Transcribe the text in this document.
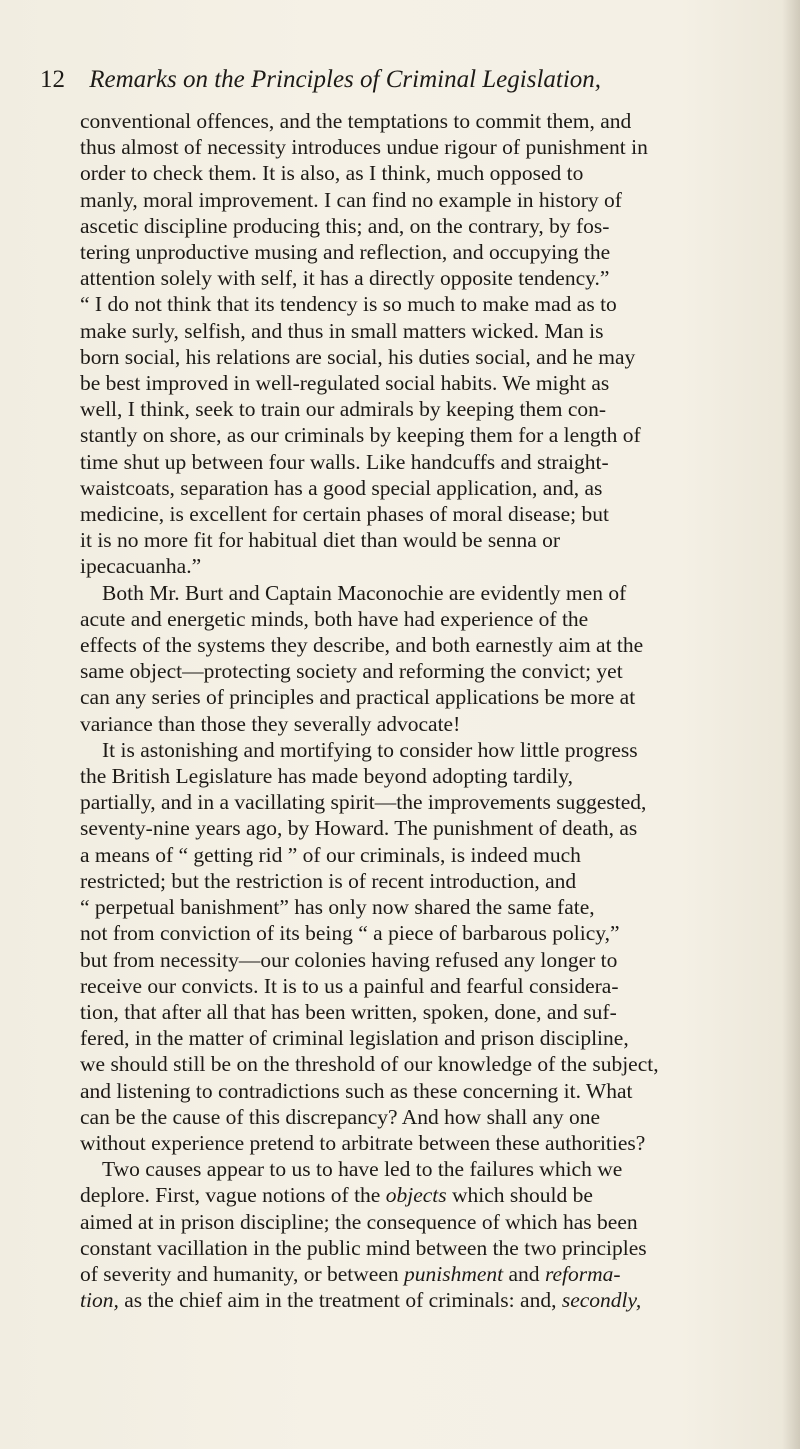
12 Remarks on the Principles of Criminal Legislation,

conventional offences, and the temptations to commit them, and
thus almost of necessity introduces undue rigour of punishment in
order to check them. It is also, as I think, much opposed to
manly, moral improvement. I can find no example in history of
ascetic discipline producing this; and, on the contrary, by fos-
tering unproductive musing and reflection, and occupying the
attention solely with self, it has a directly opposite tendency.”
“ I do not think that its tendency is so much to make mad as to
make surly, selfish, and thus in small matters wicked. Man is
born social, his relations are social, his duties social, and he may
be best improved in well-regulated social habits. We might as
well, I think, seek to train our admirals by keeping them con-
stantly on shore, as our criminals by keeping them for a length of
time shut up between four walls. Like handcuffs and straight-
waistcoats, separation has a good special application, and, as
medicine, is excellent for certain phases of moral disease; but
it is no more fit for habitual diet than would be senna or
ipecacuanha.”
Both Mr. Burt and Captain Maconochie are evidently men of
acute and energetic minds, both have had experience of the
effects of the systems they describe, and both earnestly aim at the
same object—protecting society and reforming the convict; yet
can any series of principles and practical applications be more at
variance than those they severally advocate!
It is astonishing and mortifying to consider how little progress
the British Legislature has made beyond adopting tardily,
partially, and in a vacillating spirit—the improvements suggested,
seventy-nine years ago, by Howard. The punishment of death, as
a means of “ getting rid ” of our criminals, is indeed much
restricted; but the restriction is of recent introduction, and
“ perpetual banishment” has only now shared the same fate,
not from conviction of its being “ a piece of barbarous policy,”
but from necessity—our colonies having refused any longer to
receive our convicts. It is to us a painful and fearful considera-
tion, that after all that has been written, spoken, done, and suf-
fered, in the matter of criminal legislation and prison discipline,
we should still be on the threshold of our knowledge of the subject,
and listening to contradictions such as these concerning it. What
can be the cause of this discrepancy? And how shall any one
without experience pretend to arbitrate between these authorities?
Two causes appear to us to have led to the failures which we
deplore. First, vague notions of the objects which should be
aimed at in prison discipline; the consequence of which has been
constant vacillation in the public mind between the two principles
of severity and humanity, or between punishment and reforma-
tion, as the chief aim in the treatment of criminals: and, secondly,
